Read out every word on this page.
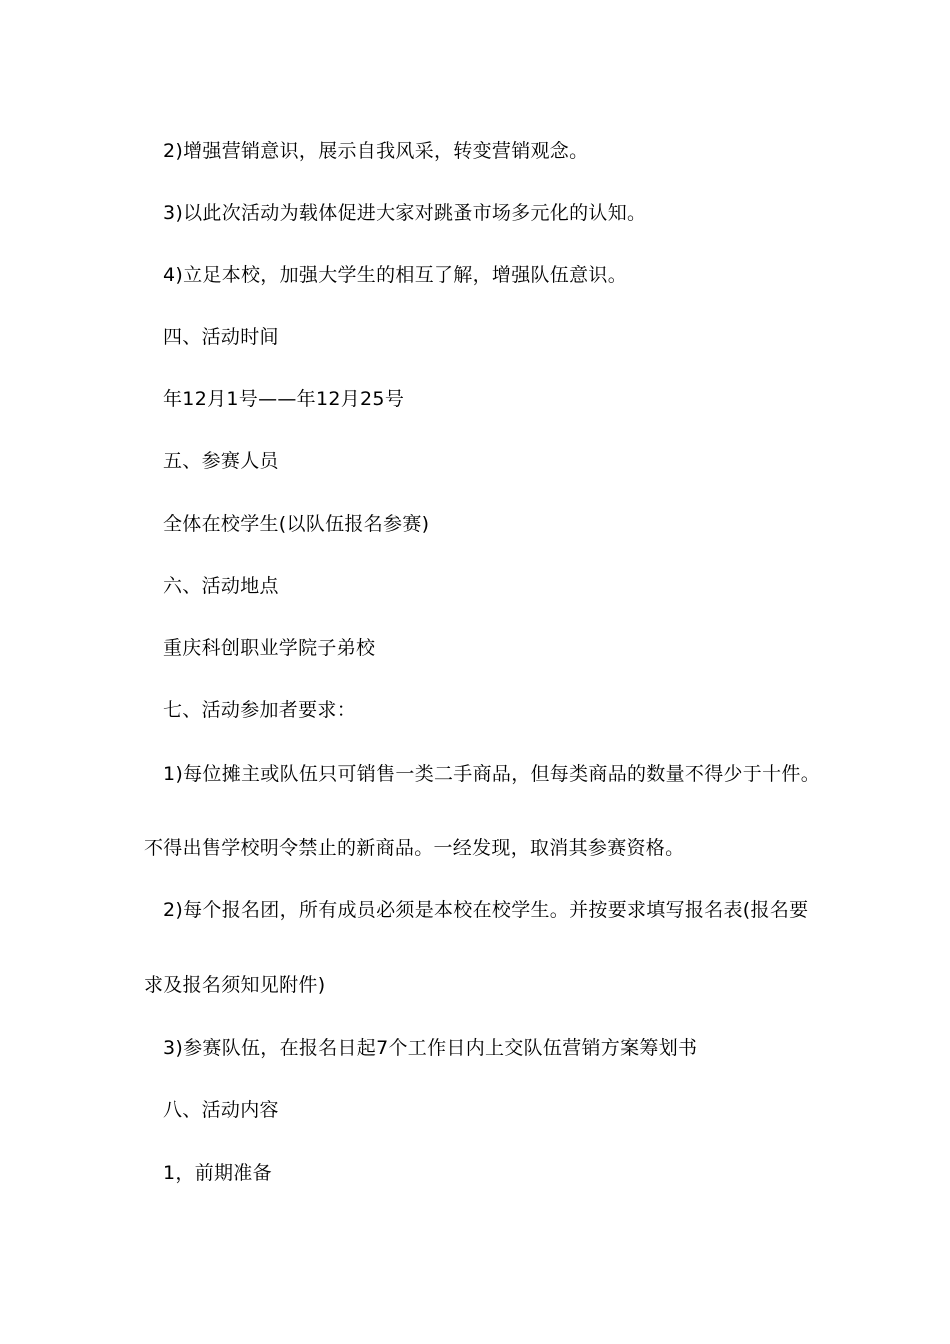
2)增强营销意识，展示自我风采，转变营销观念。
3)以此次活动为载体促进大家对跳蚤市场多元化的认知。
4)立足本校，加强大学生的相互了解，增强队伍意识。
四、活动时间
年12月1号——年12月25号
五、参赛人员
全体在校学生(以队伍报名参赛)
六、活动地点
重庆科创职业学院子弟校
七、活动参加者要求：
1)每位摊主或队伍只可销售一类二手商品，但每类商品的数量不得少于十件。
不得出售学校明令禁止的新商品。一经发现，取消其参赛资格。
2)每个报名团，所有成员必须是本校在校学生。并按要求填写报名表(报名要
求及报名须知见附件)
3)参赛队伍，在报名日起7个工作日内上交队伍营销方案筹划书
八、活动内容
1，前期准备
